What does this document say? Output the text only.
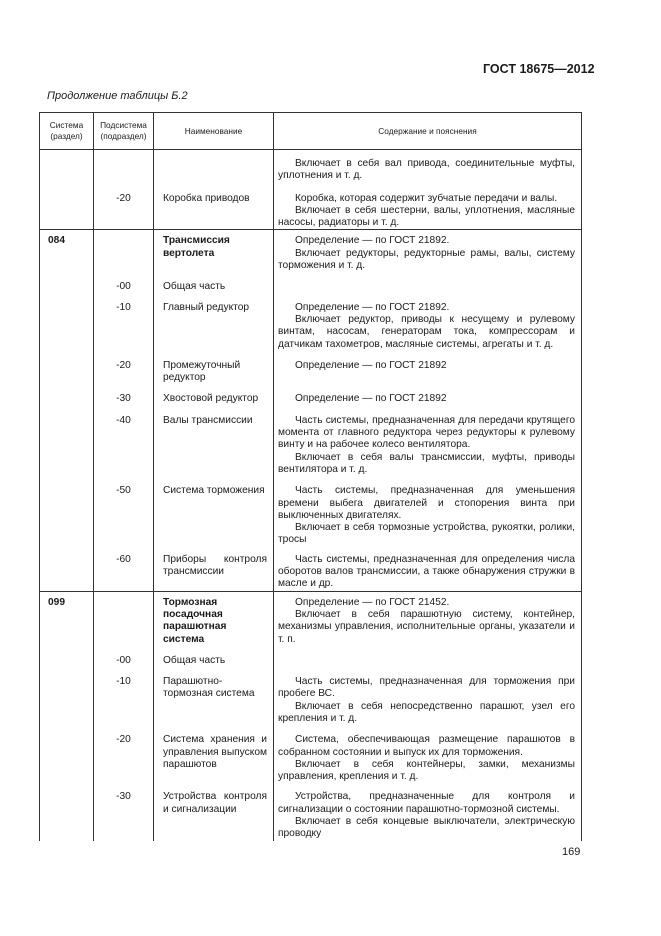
ГОСТ 18675—2012
Продолжение таблицы Б.2
Система (раздел)	Подсистема (подраздел)	Наименование	Содержание и пояснения

			Включает в себя вал привода, соединительные муфты, уплотнения и т. д.

	-20	Коробка приводов	Коробка, которая содержит зубчатые передачи и валы.

Включает в себя шестерни, валы, уплотнения, масляные насосы, радиаторы и т. д.

084		Трансмиссия вертолета	Определение — по ГОСТ 21892.

Включает редукторы, редукторные рамы, валы, систему торможения и т. д.

	-00	Общая часть	
	-10	Главный редуктор	Определение — по ГОСТ 21892.

Включает редуктор, приводы к несущему и рулевому винтам, насосам, генераторам тока, компрессорам и датчикам тахометров, масляные системы, агрегаты и т. д.

	-20	Промежуточный редуктор	Определение — по ГОСТ 21892

	-30	Хвостовой редуктор	Определение — по ГОСТ 21892

	-40	Валы трансмиссии	Часть системы, предназначенная для передачи крутящего момента от главного редуктора через редукторы к рулевому винту и на рабочее колесо вентилятора.

Включает в себя валы трансмиссии, муфты, приводы вентилятора и т. д.

	-50	Система торможения	Часть системы, предназначенная для уменьшения времени выбега двигателей и стопорения винта при выключенных двигателях.

Включает в себя тормозные устройства, рукоятки, ролики, тросы

	-60	Приборы контроля трансмиссии	Часть системы, предназначенная для определения числа оборотов валов трансмиссии, а также обнаружения стружки в масле и др.

099		Тормозная посадочная парашютная система	Определение — по ГОСТ 21452.

Включает в себя парашютную систему, контейнер, механизмы управления, исполнительные органы, указатели и т. п.

	-00	Общая часть	
	-10	Парашютно-тормозная система	Часть системы, предназначенная для торможения при пробеге ВС.

Включает в себя непосредственно парашют, узел его крепления и т. д.

	-20	Система хранения и управления выпуском парашютов	Система, обеспечивающая размещение парашютов в собранном состоянии и выпуск их для торможения.

Включает в себя контейнеры, замки, механизмы управления, крепления и т. д.

	-30	Устройства контроля и сигнализации	Устройства, предназначенные для контроля и сигнализации о состоянии парашютно-тормозной системы.

Включает в себя концевые выключатели, электрическую проводку

169
